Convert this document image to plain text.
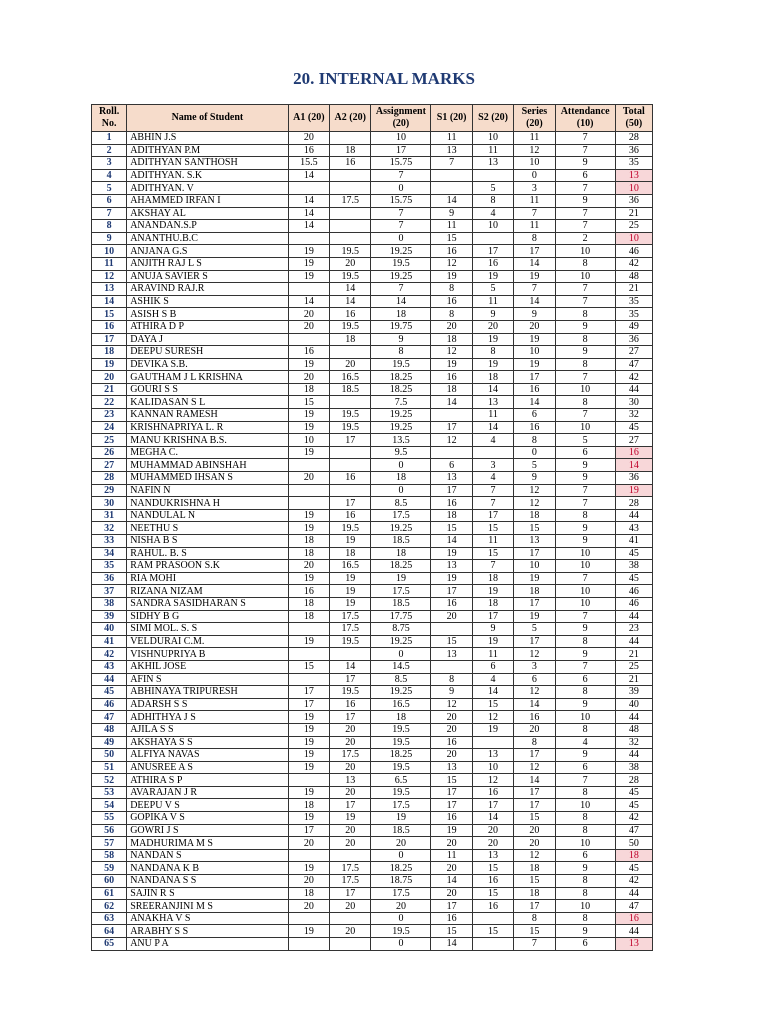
20. INTERNAL MARKS
Roll. No.	Name of Student	A1 (20)	A2 (20)	Assignment (20)	S1 (20)	S2 (20)	Series (20)	Attendance (10)	Total (50)
1	ABHIN J.S	20		10	11	10	11	7	28
2	ADITHYAN P.M	16	18	17	13	11	12	7	36
3	ADITHYAN SANTHOSH	15.5	16	15.75	7	13	10	9	35
4	ADITHYAN. S.K	14		7			0	6	13
5	ADITHYAN. V			0		5	3	7	10
6	AHAMMED IRFAN I	14	17.5	15.75	14	8	11	9	36
7	AKSHAY AL	14		7	9	4	7	7	21
8	ANANDAN.S.P	14		7	11	10	11	7	25
9	ANANTHU.B.C			0	15		8	2	10
10	ANJANA G.S	19	19.5	19.25	16	17	17	10	46
11	ANJITH RAJ L S	19	20	19.5	12	16	14	8	42
12	ANUJA SAVIER S	19	19.5	19.25	19	19	19	10	48
13	ARAVIND RAJ.R		14	7	8	5	7	7	21
14	ASHIK S	14	14	14	16	11	14	7	35
15	ASISH S B	20	16	18	8	9	9	8	35
16	ATHIRA D P	20	19.5	19.75	20	20	20	9	49
17	DAYA J		18	9	18	19	19	8	36
18	DEEPU SURESH	16		8	12	8	10	9	27
19	DEVIKA S.B.	19	20	19.5	19	19	19	8	47
20	GAUTHAM J L KRISHNA	20	16.5	18.25	16	18	17	7	42
21	GOURI S S	18	18.5	18.25	18	14	16	10	44
22	KALIDASAN S L	15		7.5	14	13	14	8	30
23	KANNAN RAMESH	19	19.5	19.25		11	6	7	32
24	KRISHNAPRIYA L. R	19	19.5	19.25	17	14	16	10	45
25	MANU KRISHNA B.S.	10	17	13.5	12	4	8	5	27
26	MEGHA C.	19		9.5			0	6	16
27	MUHAMMAD ABINSHAH			0	6	3	5	9	14
28	MUHAMMED IHSAN S	20	16	18	13	4	9	9	36
29	NAFIN N			0	17	7	12	7	19
30	NANDUKRISHNA H		17	8.5	16	7	12	7	28
31	NANDULAL N	19	16	17.5	18	17	18	8	44
32	NEETHU S	19	19.5	19.25	15	15	15	9	43
33	NISHA B S	18	19	18.5	14	11	13	9	41
34	RAHUL. B. S	18	18	18	19	15	17	10	45
35	RAM PRASOON S.K	20	16.5	18.25	13	7	10	10	38
36	RIA MOHI	19	19	19	19	18	19	7	45
37	RIZANA NIZAM	16	19	17.5	17	19	18	10	46
38	SANDRA SASIDHARAN S	18	19	18.5	16	18	17	10	46
39	SIDHY B G	18	17.5	17.75	20	17	19	7	44
40	SIMI MOL. S. S		17.5	8.75		9	5	9	23
41	VELDURAI C.M.	19	19.5	19.25	15	19	17	8	44
42	VISHNUPRIYA B			0	13	11	12	9	21
43	AKHIL JOSE	15	14	14.5		6	3	7	25
44	AFIN S		17	8.5	8	4	6	6	21
45	ABHINAYA TRIPURESH	17	19.5	19.25	9	14	12	8	39
46	ADARSH S S	17	16	16.5	12	15	14	9	40
47	ADHITHYA J S	19	17	18	20	12	16	10	44
48	AJILA S S	19	20	19.5	20	19	20	8	48
49	AKSHAYA S S	19	20	19.5	16		8	4	32
50	ALFIYA NAVAS	19	17.5	18.25	20	13	17	9	44
51	ANUSREE A S	19	20	19.5	13	10	12	6	38
52	ATHIRA S P		13	6.5	15	12	14	7	28
53	AVARAJAN J R	19	20	19.5	17	16	17	8	45
54	DEEPU V S	18	17	17.5	17	17	17	10	45
55	GOPIKA V S	19	19	19	16	14	15	8	42
56	GOWRI J S	17	20	18.5	19	20	20	8	47
57	MADHURIMA M S	20	20	20	20	20	20	10	50
58	NANDAN S			0	11	13	12	6	18
59	NANDANA K B	19	17.5	18.25	20	15	18	9	45
60	NANDANA S S	20	17.5	18.75	14	16	15	8	42
61	SAJIN R S	18	17	17.5	20	15	18	8	44
62	SREERANJINI M S	20	20	20	17	16	17	10	47
63	ANAKHA V S			0	16		8	8	16
64	ARABHY S S	19	20	19.5	15	15	15	9	44
65	ANU P A			0	14		7	6	13
